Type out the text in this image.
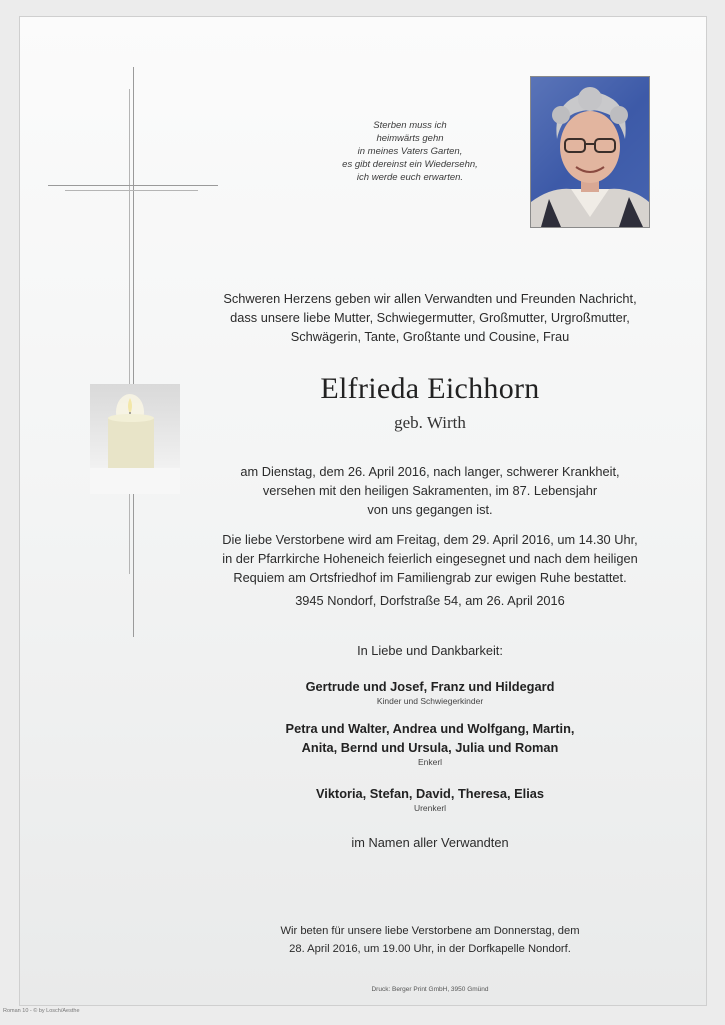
Sterben muss ich
heimwärts gehn
in meines Vaters Garten,
es gibt dereinst ein Wiedersehn,
ich werde euch erwarten.
Schweren Herzens geben wir allen Verwandten und Freunden Nachricht,
dass unsere liebe Mutter, Schwiegermutter, Großmutter, Urgroßmutter,
Schwägerin, Tante, Großtante und Cousine, Frau
Elfrieda Eichhorn
geb. Wirth
am Dienstag, dem 26. April 2016, nach langer, schwerer Krankheit,
versehen mit den heiligen Sakramenten, im 87. Lebensjahr
von uns gegangen ist.
Die liebe Verstorbene wird am Freitag, dem 29. April 2016, um 14.30 Uhr,
in der Pfarrkirche Hoheneich feierlich eingesegnet und nach dem heiligen
Requiem am Ortsfriedhof im Familiengrab zur ewigen Ruhe bestattet.
3945 Nondorf, Dorfstraße 54, am 26. April 2016
In Liebe und Dankbarkeit:
Gertrude und Josef, Franz und Hildegard
Kinder und Schwiegerkinder
Petra und Walter, Andrea und Wolfgang, Martin,
Anita, Bernd und Ursula, Julia und Roman
Enkerl
Viktoria, Stefan, David, Theresa, Elias
Urenkerl
im Namen aller Verwandten
Wir beten für unsere liebe Verstorbene am Donnerstag, dem
28. April 2016, um 19.00 Uhr, in der Dorfkapelle Nondorf.
Druck: Berger Print GmbH, 3950 Gmünd
Roman 10 - © by Losch/Aesthe
